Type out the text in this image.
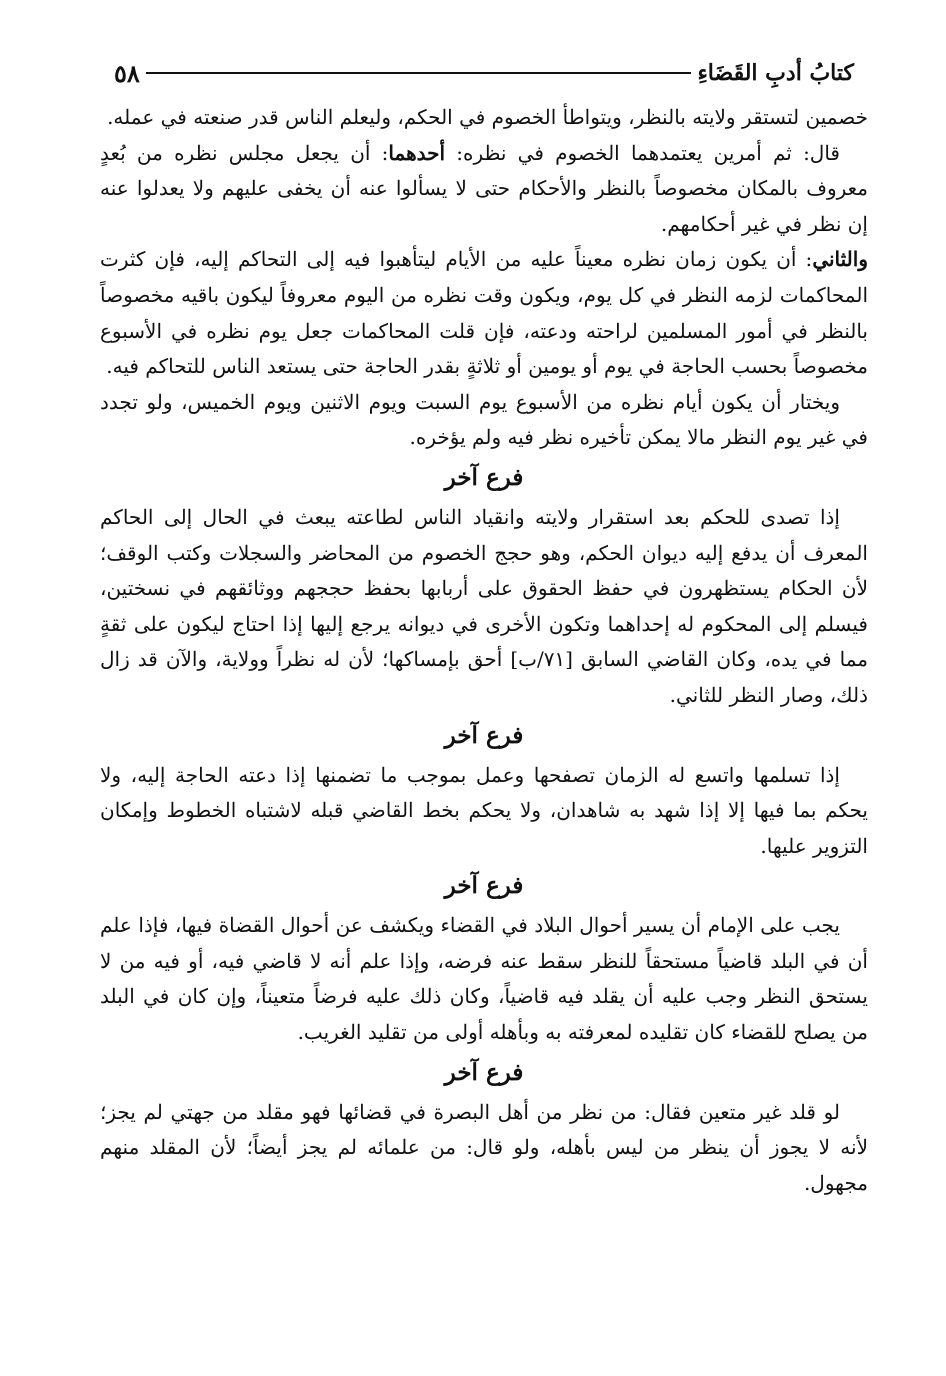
كتابُ أدبِ القَضَاءِ
٥٨

خصمين لتستقر ولايته بالنظر، ويتواطأ الخصوم في الحكم، وليعلم الناس قدر صنعته في عمله.

قال: ثم أمرين يعتمدهما الخصوم في نظره: أحدهما: أن يجعل مجلس نظره من بُعدٍ معروف بالمكان مخصوصاً بالنظر والأحكام حتى لا يسألوا عنه أن يخفى عليهم ولا يعدلوا عنه إن نظر في غير أحكامهم.

والثاني: أن يكون زمان نظره معيناً عليه من الأيام ليتأهبوا فيه إلى التحاكم إليه، فإن كثرت المحاكمات لزمه النظر في كل يوم، ويكون وقت نظره من اليوم معروفاً ليكون باقيه مخصوصاً بالنظر في أمور المسلمين لراحته ودعته، فإن قلت المحاكمات جعل يوم نظره في الأسبوع مخصوصاً بحسب الحاجة في يوم أو يومين أو ثلاثةٍ بقدر الحاجة حتى يستعد الناس للتحاكم فيه.

ويختار أن يكون أيام نظره من الأسبوع يوم السبت ويوم الاثنين ويوم الخميس، ولو تجدد في غير يوم النظر مالا يمكن تأخيره نظر فيه ولم يؤخره.

فرع آخر

إذا تصدى للحكم بعد استقرار ولايته وانقياد الناس لطاعته يبعث في الحال إلى الحاكم المعرف أن يدفع إليه ديوان الحكم، وهو حجج الخصوم من المحاضر والسجلات وكتب الوقف؛ لأن الحكام يستظهرون في حفظ الحقوق على أربابها بحفظ حججهم ووثائقهم في نسختين، فيسلم إلى المحكوم له إحداهما وتكون الأخرى في ديوانه يرجع إليها إذا احتاج ليكون على ثقةٍ مما في يده، وكان القاضي السابق [٧١/ب] أحق بإمساكها؛ لأن له نظراً وولاية، والآن قد زال ذلك، وصار النظر للثاني.

فرع آخر

إذا تسلمها واتسع له الزمان تصفحها وعمل بموجب ما تضمنها إذا دعته الحاجة إليه، ولا يحكم بما فيها إلا إذا شهد به شاهدان، ولا يحكم بخط القاضي قبله لاشتباه الخطوط وإمكان التزوير عليها.

فرع آخر

يجب على الإمام أن يسير أحوال البلاد في القضاء ويكشف عن أحوال القضاة فيها، فإذا علم أن في البلد قاضياً مستحقاً للنظر سقط عنه فرضه، وإذا علم أنه لا قاضي فيه، أو فيه من لا يستحق النظر وجب عليه أن يقلد فيه قاضياً، وكان ذلك عليه فرضاً متعيناً، وإن كان في البلد من يصلح للقضاء كان تقليده لمعرفته به وبأهله أولى من تقليد الغريب.

فرع آخر

لو قلد غير متعين فقال: من نظر من أهل البصرة في قضائها فهو مقلد من جهتي لم يجز؛ لأنه لا يجوز أن ينظر من ليس بأهله، ولو قال: من علمائه لم يجز أيضاً؛ لأن المقلد منهم مجهول.
